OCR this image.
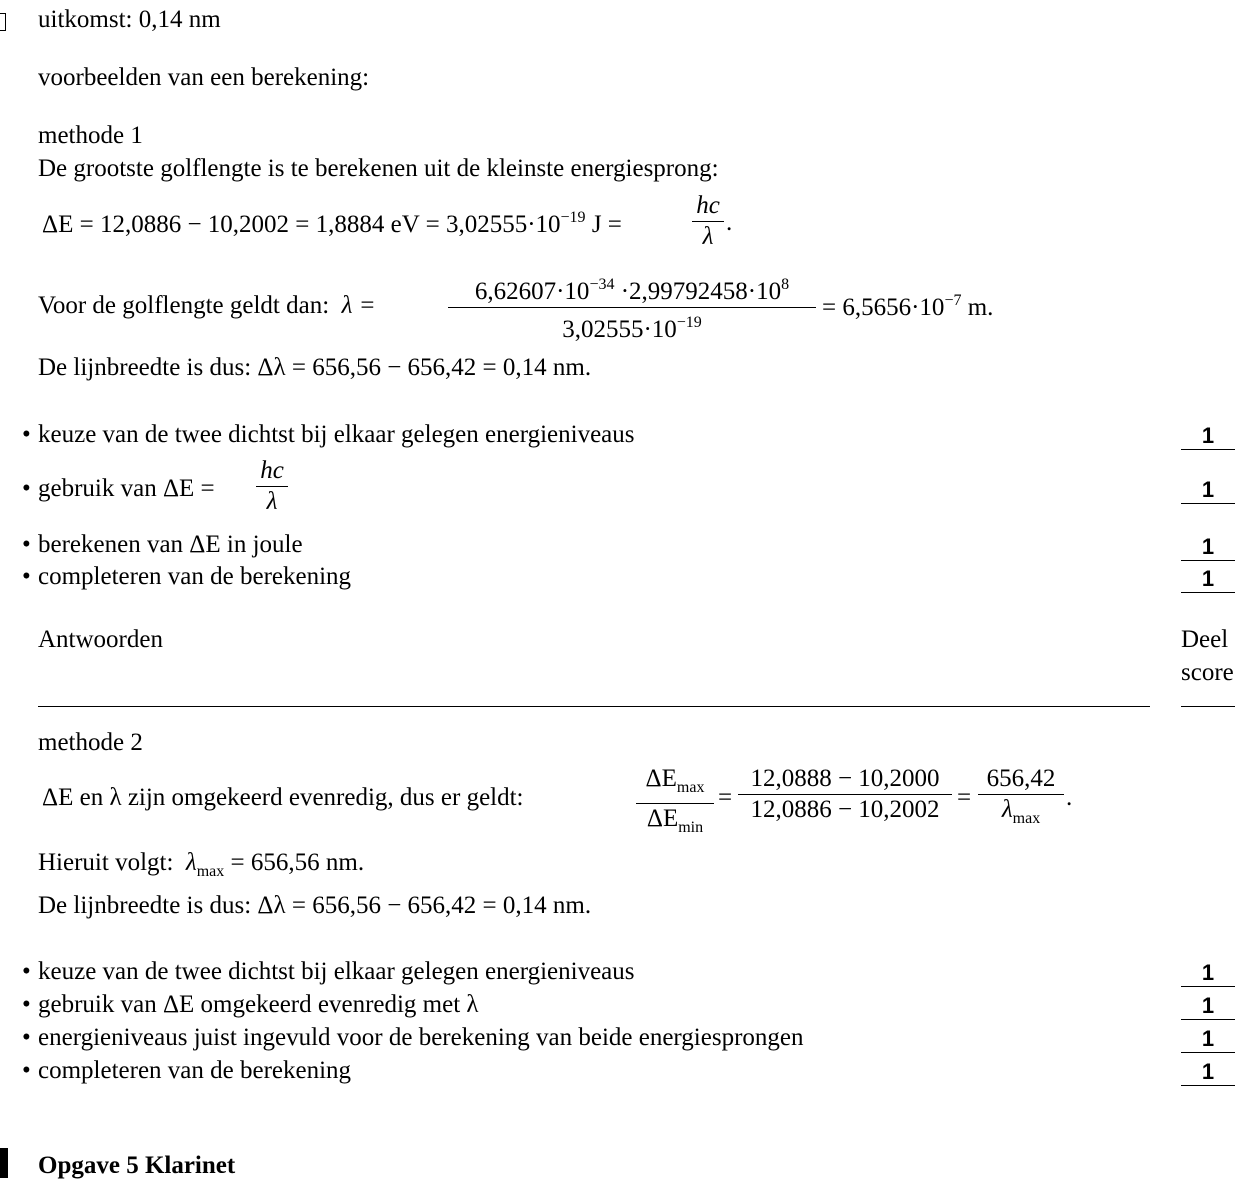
uitkomst: 0,14 nm
voorbeelden van een berekening:
methode 1
De grootste golflengte is te berekenen uit de kleinste energiesprong:
ΔE = 12,0886 − 10,2002 = 1,8884 eV = $3,02555\cdot 10^{-19}$ J =
hc
λ
.
Voor de golflengte geldt dan: λ =
$6,62607\cdot 10^{-34} \cdot 2,99792458\cdot 10^8$
$3,02555\cdot 10^{-19}$
= $6,5656\cdot 10^{-7}$ m.
De lijnbreedte is dus: Δλ = 656,56 − 656,42 = 0,14 nm.
• keuze van de twee dichtst bij elkaar gelegen energieniveaus	1
• gebruik van ΔE =
hc
λ	1
• berekenen van ΔE in joule	1
• completeren van de berekening	1
Antwoorden	Deel
score
methode 2
ΔE en λ zijn omgekeerd evenredig, dus er geldt:
$\Delta E_{max}$
$\Delta E_{min}$
=
12,0888 − 10,2000
12,0886 − 10,2002 =
656,42
$\lambda_{max}$
.
Hieruit volgt: $\lambda_{max} = 656,56$ nm.
De lijnbreedte is dus: Δλ = 656,56 − 656,42 = 0,14 nm.
• keuze van de twee dichtst bij elkaar gelegen energieniveaus	1
• gebruik van ΔE omgekeerd evenredig met λ	1
• energieniveaus juist ingevuld voor de berekening van beide energiesprongen	1
• completeren van de berekening	1
Opgave 5 Klarinet
